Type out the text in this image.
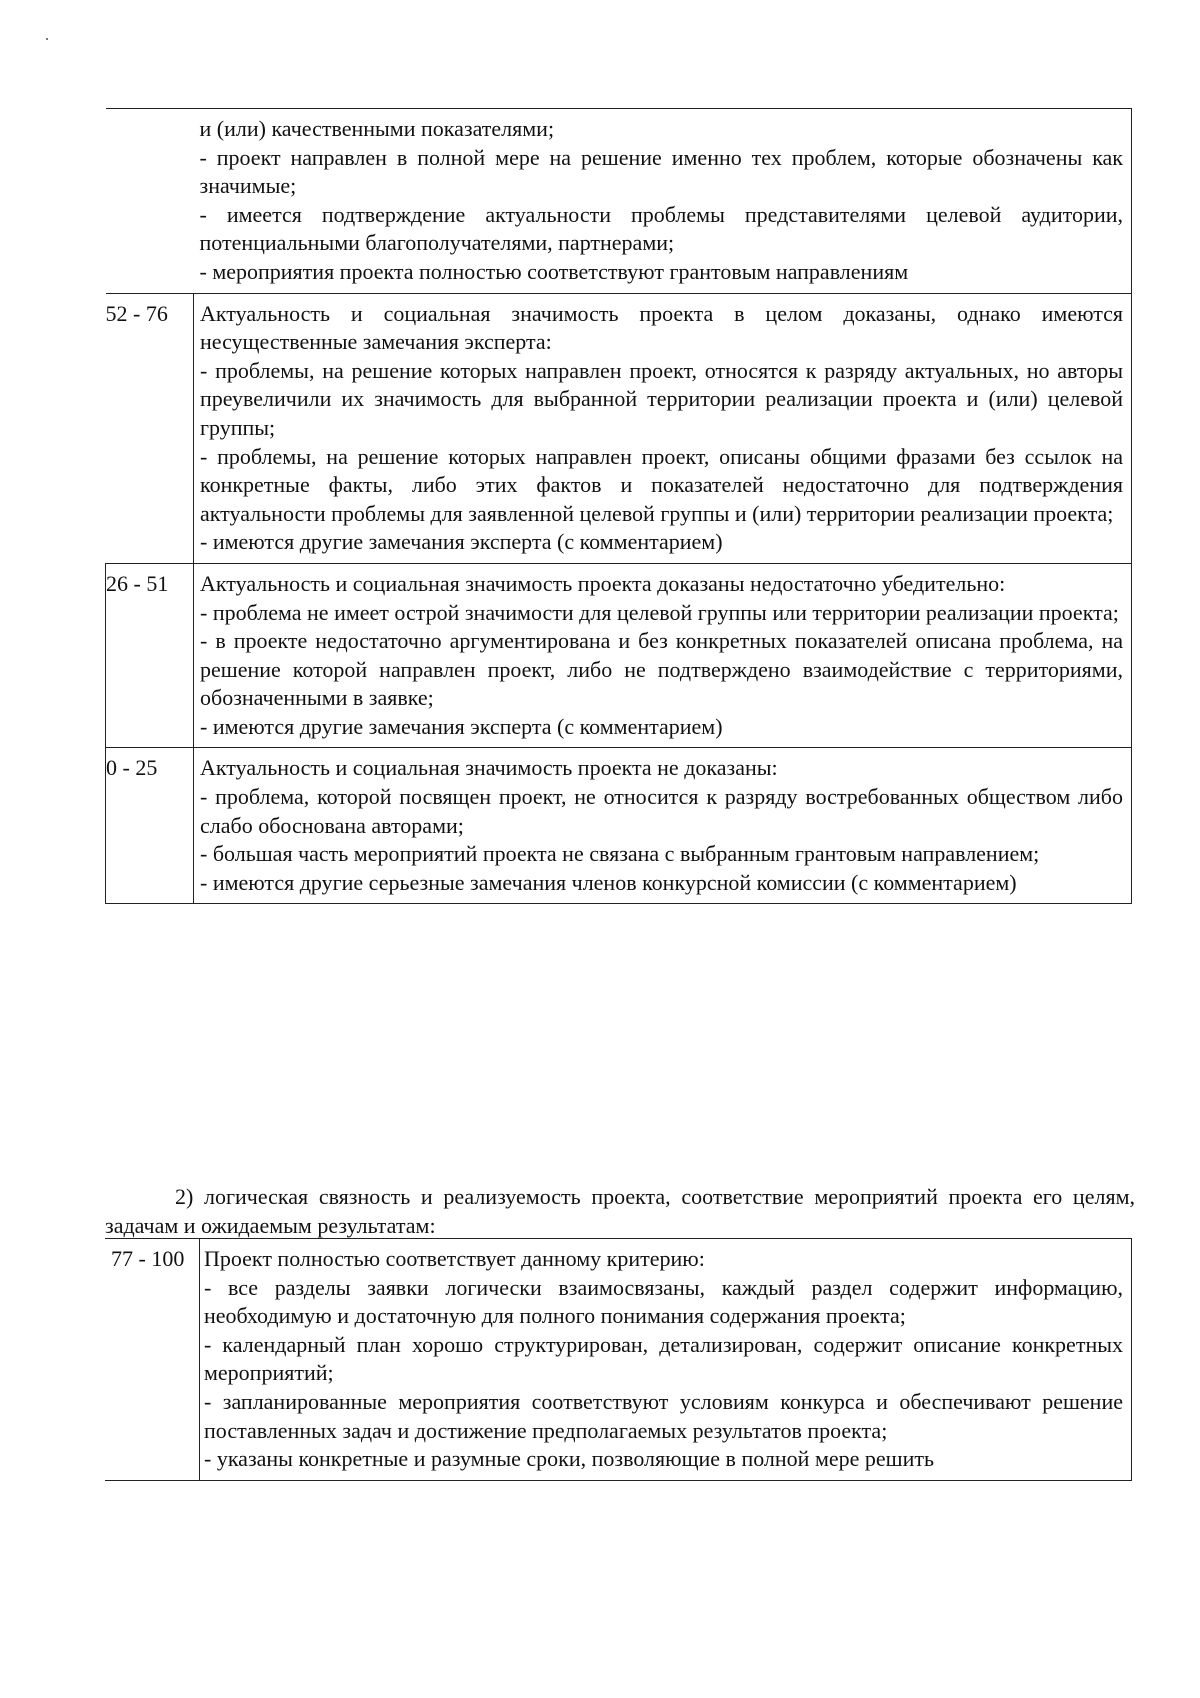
	и (или) качественными показателями;
- проект направлен в полной мере на решение именно тех проблем, которые обозначены как значимые;
- имеется подтверждение актуальности проблемы представителями целевой аудитории, потенциальными благополучателями, партнерами;
- мероприятия проекта полностью соответствуют грантовым направлениям

52 - 76	Актуальность и социальная значимость проекта в целом доказаны, однако имеются несущественные замечания эксперта:
- проблемы, на решение которых направлен проект, относятся к разряду актуальных, но авторы преувеличили их значимость для выбранной территории реализации проекта и (или) целевой группы;
- проблемы, на решение которых направлен проект, описаны общими фразами без ссылок на конкретные факты, либо этих фактов и показателей недостаточно для подтверждения актуальности проблемы для заявленной целевой группы и (или) территории реализации проекта;
- имеются другие замечания эксперта (с комментарием)

26 - 51	Актуальность и социальная значимость проекта доказаны недостаточно убедительно:
- проблема не имеет острой значимости для целевой группы или территории реализации проекта;
- в проекте недостаточно аргументирована и без конкретных показателей описана проблема, на решение которой направлен проект, либо не подтверждено взаимодействие с территориями, обозначенными в заявке;
- имеются другие замечания эксперта (с комментарием)

0 - 25	Актуальность и социальная значимость проекта не доказаны:
- проблема, которой посвящен проект, не относится к разряду востребованных обществом либо слабо обоснована авторами;
- большая часть мероприятий проекта не связана с выбранным грантовым направлением;
- имеются другие серьезные замечания членов конкурсной комиссии (с комментарием)

2) логическая связность и реализуемость проекта, соответствие мероприятий проекта его целям, задачам и ожидаемым результатам:

77 - 100	Проект полностью соответствует данному критерию:
- все разделы заявки логически взаимосвязаны, каждый раздел содержит информацию, необходимую и достаточную для полного понимания содержания проекта;
- календарный план хорошо структурирован, детализирован, содержит описание конкретных мероприятий;
- запланированные мероприятия соответствуют условиям конкурса и обеспечивают решение поставленных задач и достижение предполагаемых результатов проекта;
- указаны конкретные и разумные сроки, позволяющие в полной мере решить
